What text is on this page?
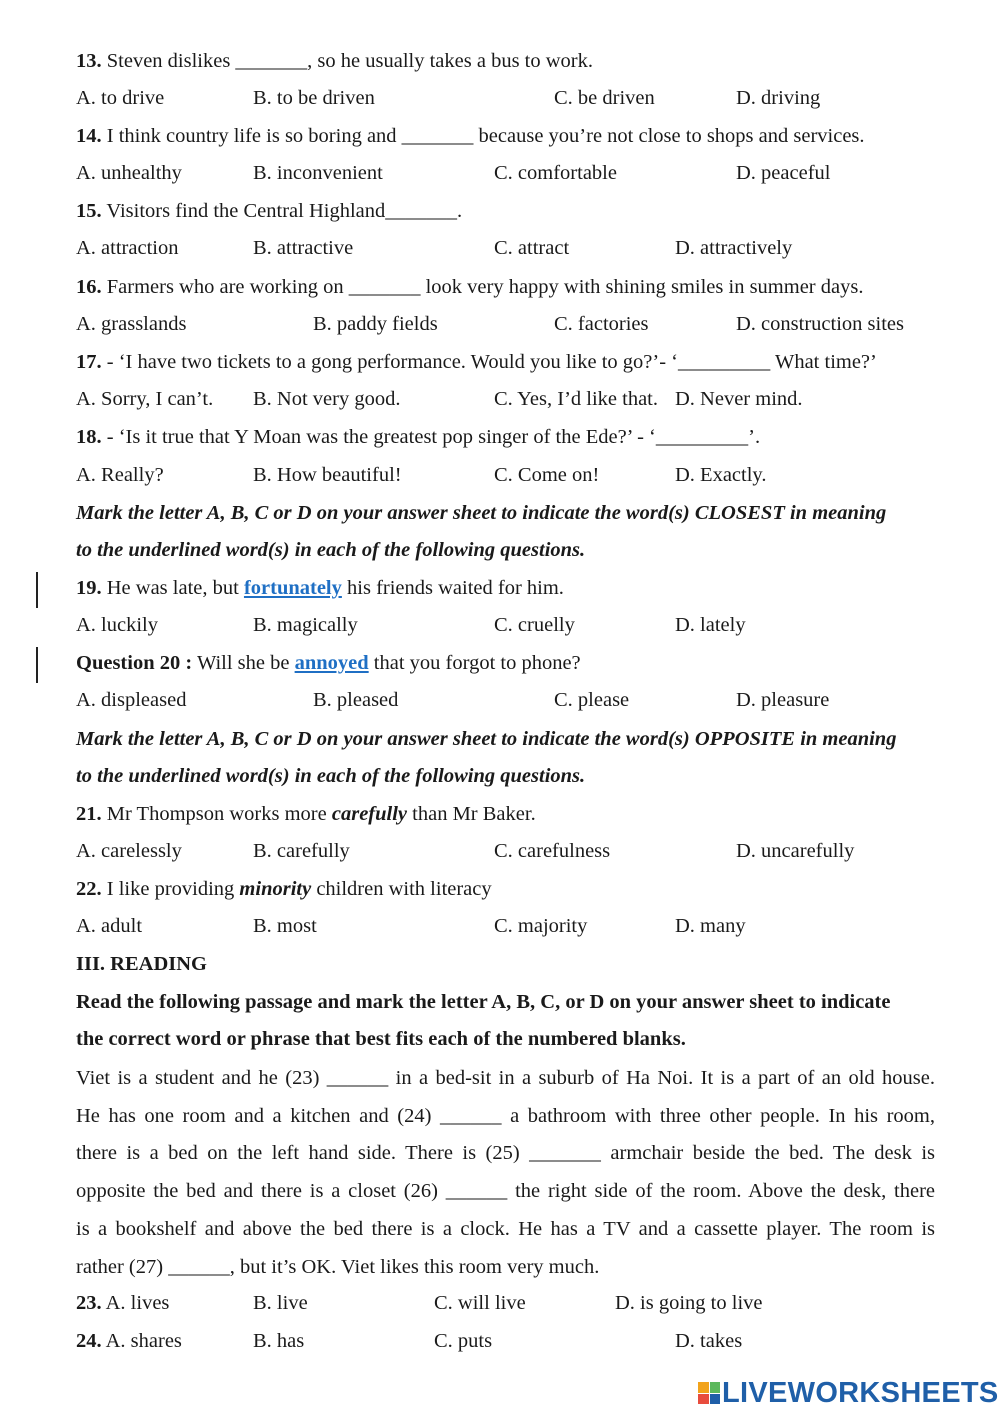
13. Steven dislikes _______, so he usually takes a bus to work.
A. to drive	B. to be driven	C. be driven	D. driving
14. I think country life is so boring and _______ because you’re not close to shops and services.
A. unhealthy	B. inconvenient	C. comfortable	D. peaceful
15. Visitors find the Central Highland_______.
A. attraction	B. attractive	C. attract	D. attractively
16. Farmers who are working on _______ look very happy with shining smiles in summer days.
A. grasslands	B. paddy fields	C. factories	D. construction sites
17. - ‘I have two tickets to a gong performance. Would you like to go?’- ‘_________ What time?’
A. Sorry, I can’t. B. Not very good.	C. Yes, I’d like that. D. Never mind.
18. - ‘Is it true that Y Moan was the greatest pop singer of the Ede?’ - ‘_________’.
A. Really?	B. How beautiful!	C. Come on!	D. Exactly.
Mark the letter A, B, C or D on your answer sheet to indicate the word(s) CLOSEST in meaning
to the underlined word(s) in each of the following questions.
19. He was late, but fortunately his friends waited for him.
A. luckily	B. magically	C. cruelly	D. lately
Question 20 : Will she be annoyed that you forgot to phone?
A. displeased	B. pleased	C. please	D. pleasure
Mark the letter A, B, C or D on your answer sheet to indicate the word(s) OPPOSITE in meaning
to the underlined word(s) in each of the following questions.
21. Mr Thompson works more carefully than Mr Baker.
A. carelessly	B. carefully	C. carefulness	D. uncarefully
22. I like providing minority children with literacy
A. adult	B. most	C. majority	D. many
III. READING
Read the following passage and mark the letter A, B, C, or D on your answer sheet to indicate
the correct word or phrase that best fits each of the numbered blanks.
Viet is a student and he (23) ______ in a bed-sit in a suburb of Ha Noi. It is a part of an old house.
He has one room and a kitchen and (24) ______ a bathroom with three other people. In his room,
there is a bed on the left hand side. There is (25) _______ armchair beside the bed. The desk is
opposite the bed and there is a closet (26) ______ the right side of the room. Above the desk, there
is a bookshelf and above the bed there is a clock. He has a TV and a cassette player. The room is
rather (27) ______, but it’s OK. Viet likes this room very much.
23. A. lives	B. live	C. will live	D. is going to live
24. A. shares	B. has	C. puts	D. takes
LIVEWORKSHEETS
